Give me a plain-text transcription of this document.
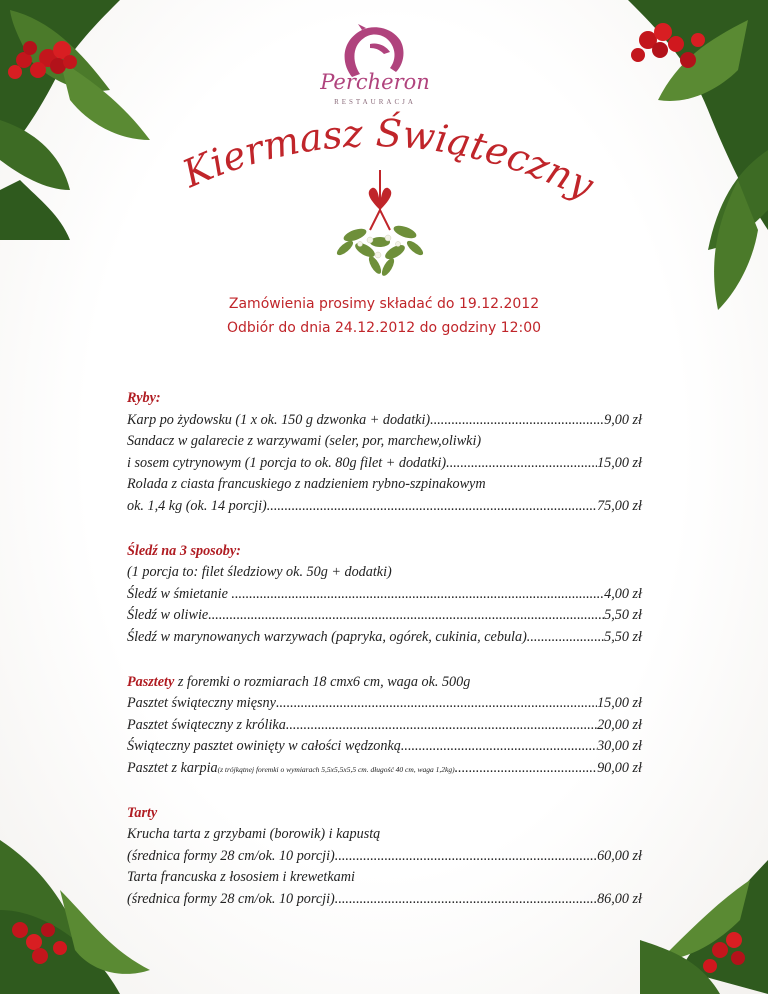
Percheron
RESTAURACJA
Kiermasz Świąteczny
Zamówienia prosimy składać do 19.12.2012
Odbiór do dnia 24.12.2012 do godziny 12:00
Ryby:
Karp po żydowsku (1 x ok. 150 g dzwonka + dodatki) .....	9,00 zł
Sandacz w galarecie z warzywami (seler, por, marchew,oliwki)
i sosem cytrynowym (1 porcja to ok. 80g filet + dodatki) .....	15,00 zł
Rolada z ciasta francuskiego z nadzieniem rybno-szpinakowym
ok. 1,4 kg (ok. 14 porcji) .....	75,00 zł
Śledź na 3 sposoby:
(1 porcja to: filet śledziowy ok. 50g + dodatki)
Śledź w śmietanie .. .....	4,00 zł
Śledź w oliwie .....	5,50 zł
Śledź w marynowanych warzywach (papryka, ogórek, cukinia, cebula) .....	5,50 zł
Pasztety z foremki o rozmiarach 18 cmx6 cm, waga ok. 500g
Pasztet świąteczny mięsny .....	15,00 zł
Pasztet świąteczny z królika .....	20,00 zł
Świąteczny pasztet owinięty w całości wędzonką .....	30,00 zł
Pasztet z karpia (z trójkątnej foremki o wymiarach 5,5x5,5x5,5 cm. długość 40 cm, waga 1,2kg) .....	90,00 zł
Tarty
Krucha tarta z grzybami (borowik) i kapustą
(średnica formy 28 cm/ok. 10 porcji) .....	60,00 zł
Tarta francuska z łososiem i krewetkami
(średnica formy 28 cm/ok. 10 porcji) .....	86,00 zł
